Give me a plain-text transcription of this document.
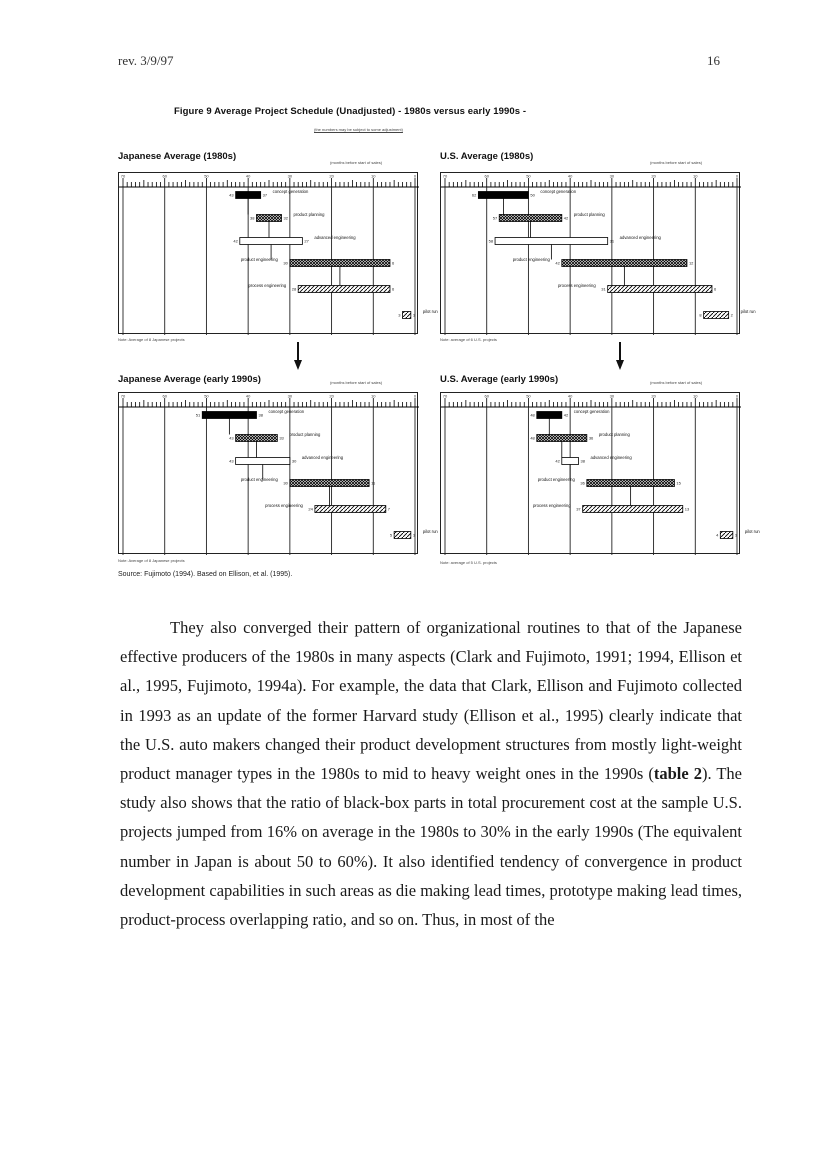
rev. 3/9/97	16
Figure 9 Average Project Schedule (Unadjusted) - 1980s versus early 1990s -
(the numbers may be subject to some adjustment)
Japanese Average (1980s)
(months before start of sales)
70	60	50	40	30	20	10	0
43	37
concept generation
38	32
product planning
42	27
advanced engineering
30	6
product engineering
28	6
process engineering
3	1
pilot run
Note: Average of 8 Japanese projects
U.S. Average (1980s)
(months before start of sales)
70	60	50	40	30	20	10	0
62	50
concept generation
57	42
product planning
58	31
advanced engineering
42	12
product engineering
31	6
process engineering
8	2
pilot run
Note: average of 6 U.S. projects
Japanese Average (early 1990s)	(months before start of sales)
70	60	50	40	30	20	10	0
51	38
concept generation
43	33
product planning
43	30
advanced engineering
30	11
product engineering
24	7
process engineering
5	1
pilot run
Note: Average of 8 Japanese projects
U.S. Average (early 1990s)	(months before start of sales)
70	60	50	40	30	20	10	0
48	42
concept generation
48	36
product planning
42	38
advanced engineering
36	15
product engineering
37	13
process engineering
4	1
pilot run
Note: average of 5 U.S. projects
Source: Fujimoto (1994). Based on Ellison, et al. (1995).

They also converged their pattern of organizational routines to that of the Japanese effective producers of the 1980s in many aspects (Clark and Fujimoto, 1991; 1994, Ellison et al., 1995, Fujimoto, 1994a). For example, the data that Clark, Ellison and Fujimoto collected in 1993 as an update of the former Harvard study (Ellison et al., 1995) clearly indicate that the U.S. auto makers changed their product development structures from mostly light-weight product manager types in the 1980s to mid to heavy weight ones in the 1990s (table 2). The study also shows that the ratio of black-box parts in total procurement cost at the sample U.S. projects jumped from 16% on average in the 1980s to 30% in the early 1990s (The equivalent number in Japan is about 50 to 60%). It also identified tendency of convergence in product development capabilities in such areas as die making lead times, prototype making lead times, product-process overlapping ratio, and so on. Thus, in most of the
